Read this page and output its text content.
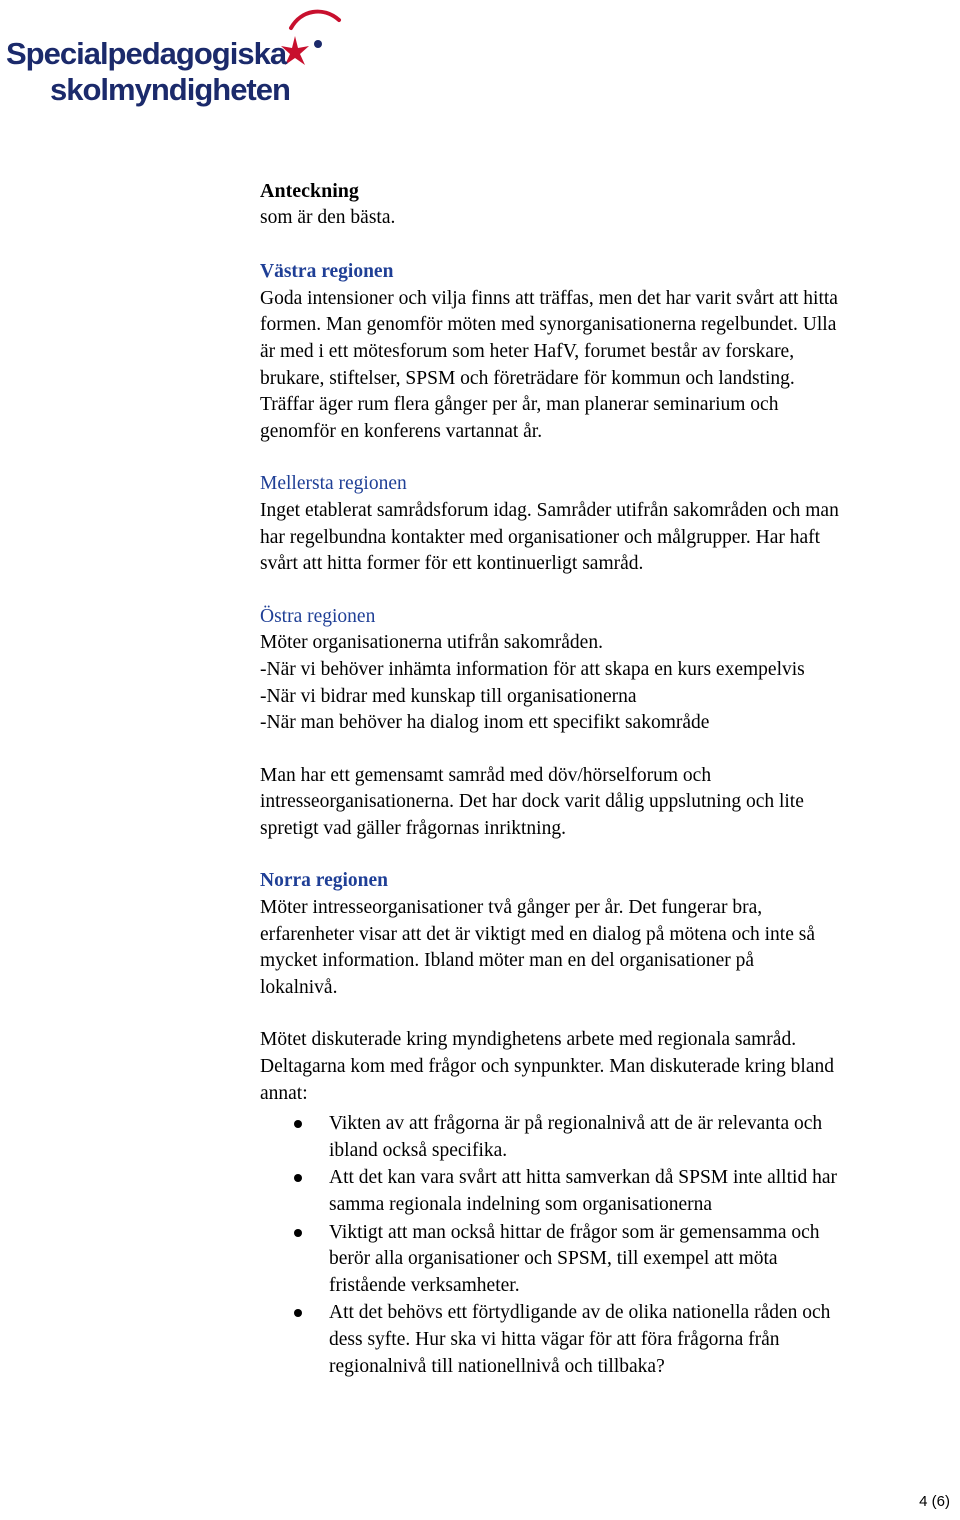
Specialpedagogiska
skolmyndigheten

Anteckning

som är den bästa.

Västra regionen

Goda intensioner och vilja finns att träffas, men det har varit svårt att hitta

formen. Man genomför möten med synorganisationerna regelbundet. Ulla

är med i ett mötesforum som heter HafV, forumet består av forskare,

brukare, stiftelser, SPSM och företrädare för kommun och landsting.

Träffar äger rum flera gånger per år, man planerar seminarium och

genomför en konferens vartannat år.

Mellersta regionen

Inget etablerat samrådsforum idag. Samråder utifrån sakområden och man

har regelbundna kontakter med organisationer och målgrupper. Har haft

svårt att hitta former för ett kontinuerligt samråd.

Östra regionen

Möter organisationerna utifrån sakområden.

-När vi behöver inhämta information för att skapa en kurs exempelvis

-När vi bidrar med kunskap till organisationerna

-När man behöver ha dialog inom ett specifikt sakområde

Man har ett gemensamt samråd med döv/hörselforum och

intresseorganisationerna. Det har dock varit dålig uppslutning och lite

spretigt vad gäller frågornas inriktning.

Norra regionen

Möter intresseorganisationer två gånger per år. Det fungerar bra,

erfarenheter visar att det är viktigt med en dialog på mötena och inte så

mycket information. Ibland möter man en del organisationer på

lokalnivå.

Mötet diskuterade kring myndighetens arbete med regionala samråd.

Deltagarna kom med frågor och synpunkter. Man diskuterade kring bland

annat:

Vikten av att frågorna är på regionalnivå att de är relevanta och

ibland också specifika.

Att det kan vara svårt att hitta samverkan då SPSM inte alltid har

samma regionala indelning som organisationerna

Viktigt att man också hittar de frågor som är gemensamma och

berör alla organisationer och SPSM, till exempel att möta

fristående verksamheter.

Att det behövs ett förtydligande av de olika nationella råden och

dess syfte. Hur ska vi hitta vägar för att föra frågorna från

regionalnivå till nationellnivå och tillbaka?

4 (6)
